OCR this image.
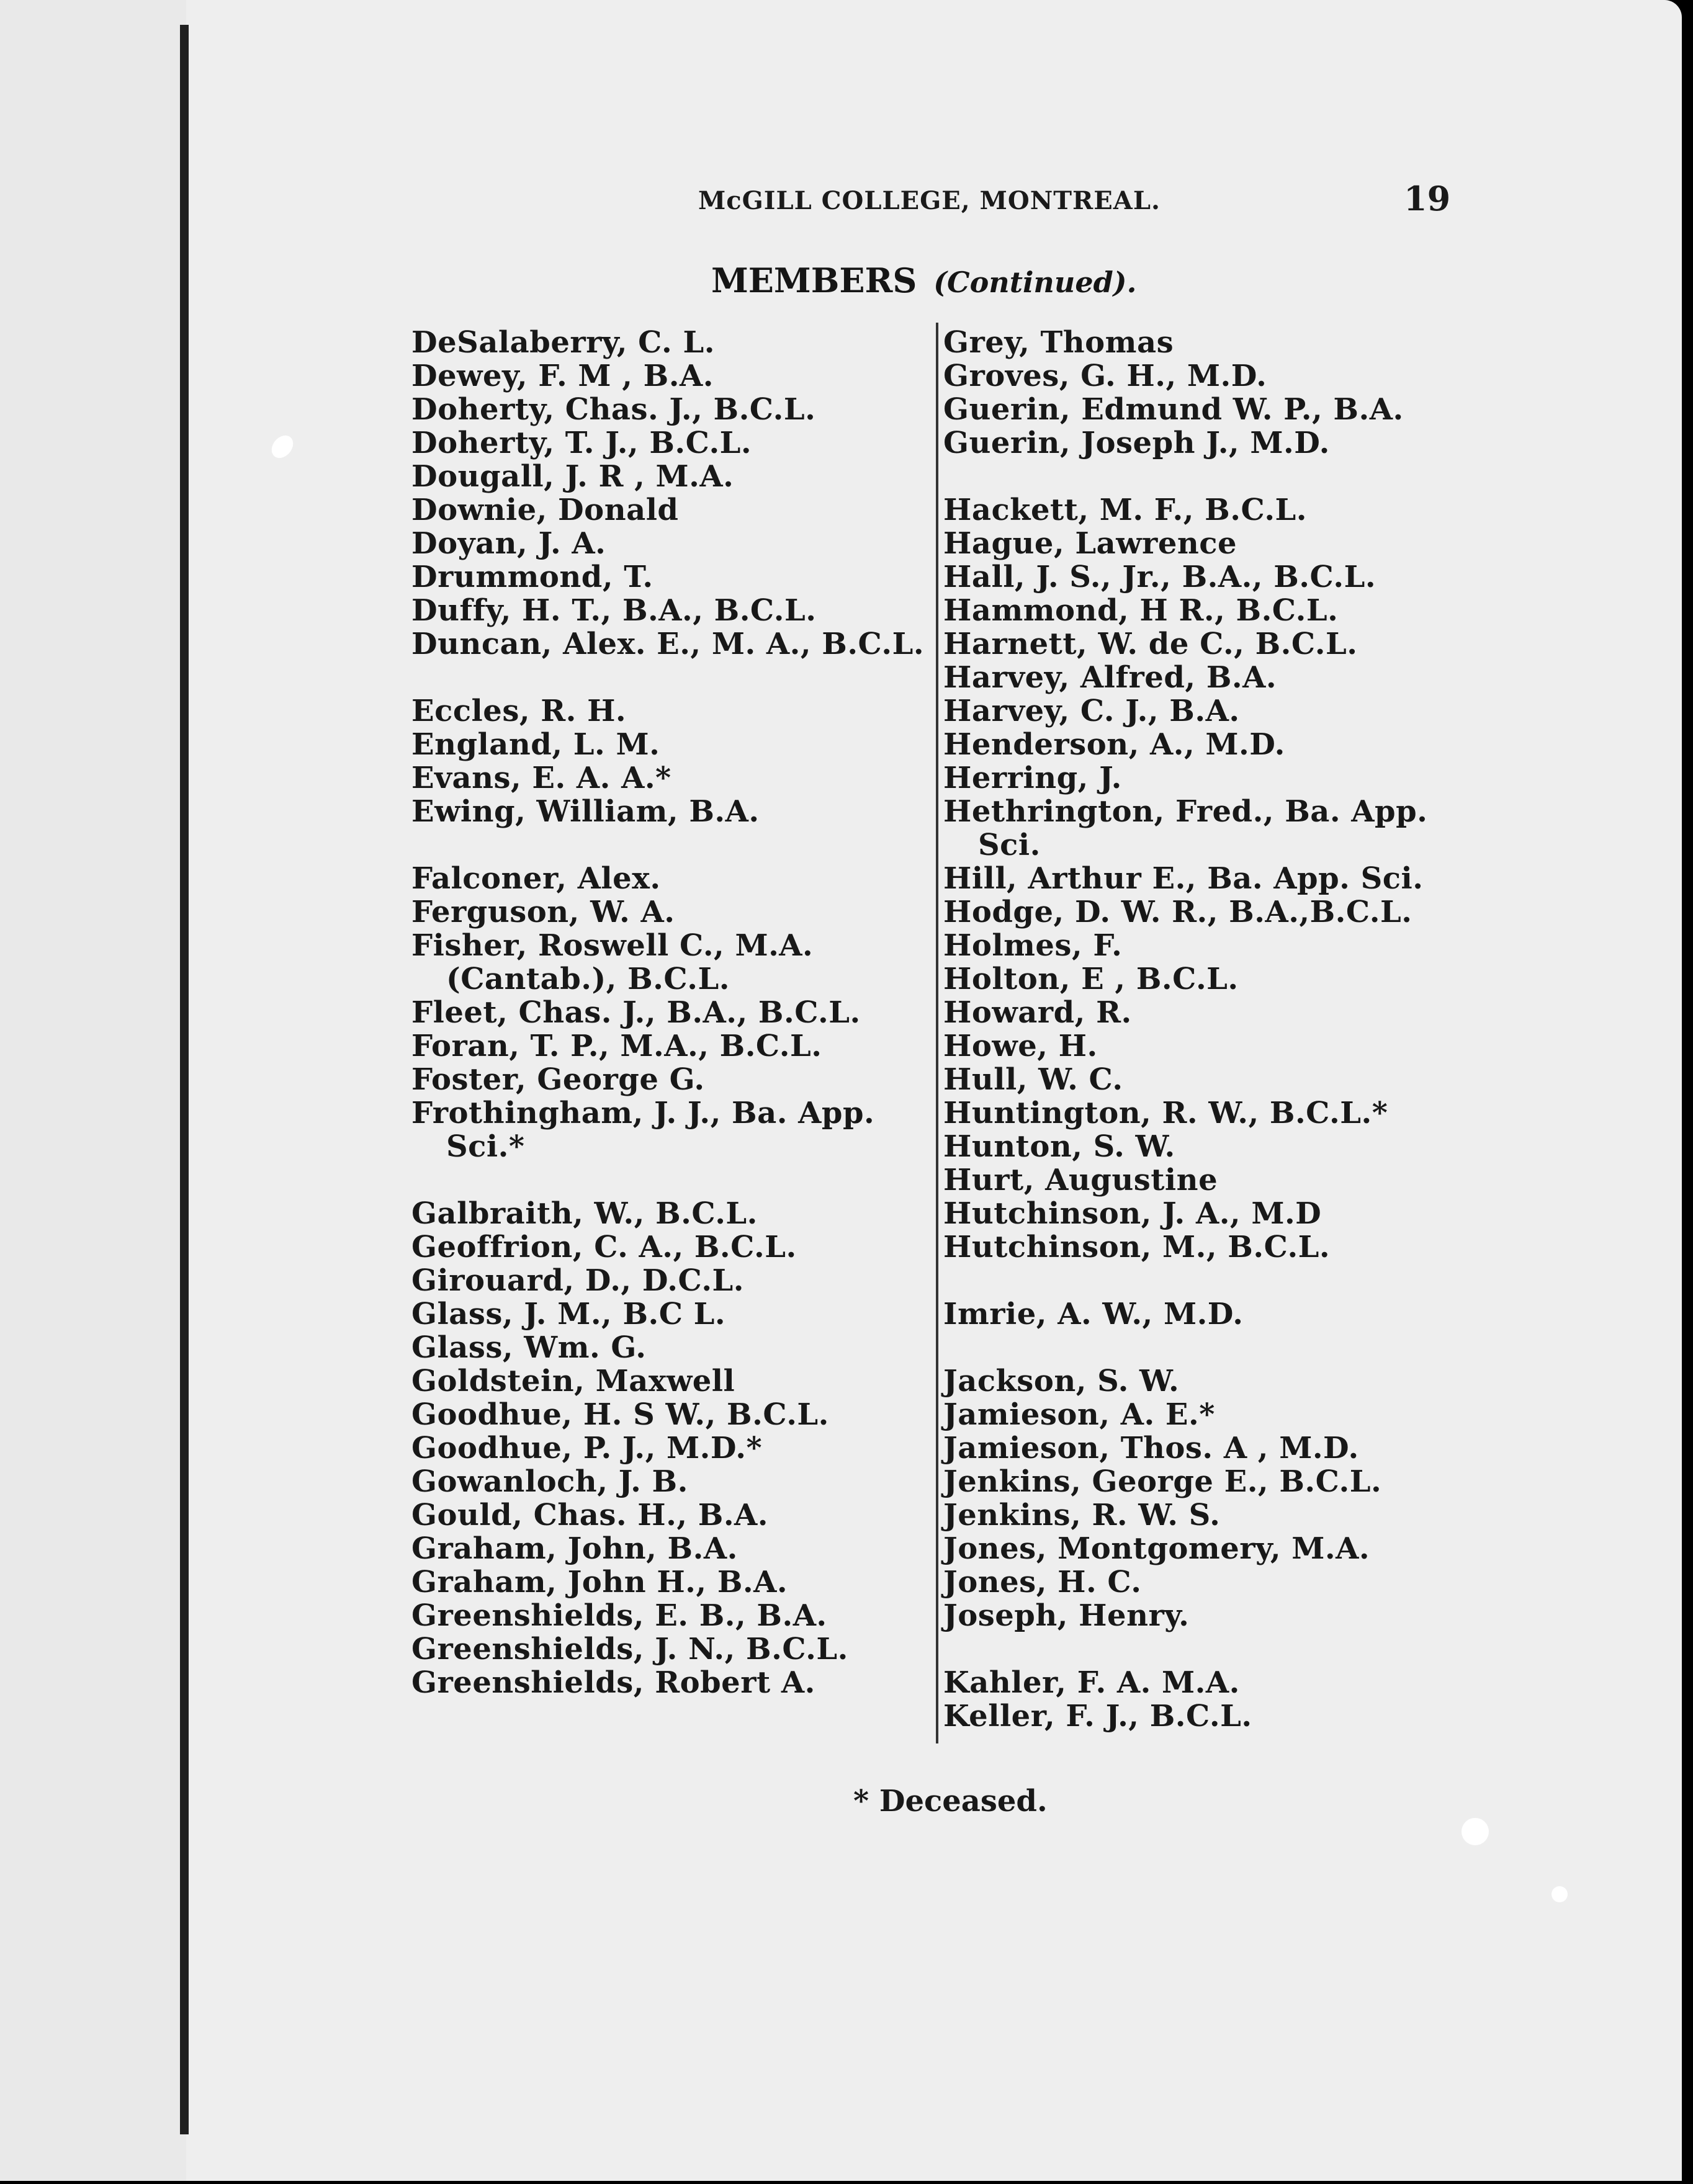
McGILL COLLEGE, MONTREAL.	19
MEMBERS (Continued).
DeSalaberry, C. L.
Dewey, F. M , B.A.
Doherty, Chas. J., B.C.L.
Doherty, T. J., B.C.L.
Dougall, J. R , M.A.
Downie, Donald
Doyan, J. A.
Drummond, T.
Duffy, H. T., B.A., B.C.L.
Duncan, Alex. E., M. A., B.C.L.
Eccles, R. H.
England, L. M.
Evans, E. A. A.*
Ewing, William, B.A.
Falconer, Alex.
Ferguson, W. A.
Fisher, Roswell C., M.A. (Cantab.), B.C.L.
Fleet, Chas. J., B.A., B.C.L.
Foran, T. P., M.A., B.C.L.
Foster, George G.
Frothingham, J. J., Ba. App. Sci.*
Galbraith, W., B.C.L.
Geoffrion, C. A., B.C.L.
Girouard, D., D.C.L.
Glass, J. M., B.C L.
Glass, Wm. G.
Goldstein, Maxwell
Goodhue, H. S W., B.C.L.
Goodhue, P. J., M.D.*
Gowanloch, J. B.
Gould, Chas. H., B.A.
Graham, John, B.A.
Graham, John H., B.A.
Greenshields, E. B., B.A.
Greenshields, J. N., B.C.L.
Greenshields, Robert A.
Grey, Thomas
Groves, G. H., M.D.
Guerin, Edmund W. P., B.A.
Guerin, Joseph J., M.D.
Hackett, M. F., B.C.L.
Hague, Lawrence
Hall, J. S., Jr., B.A., B.C.L.
Hammond, H R., B.C.L.
Harnett, W. de C., B.C.L.
Harvey, Alfred, B.A.
Harvey, C. J., B.A.
Henderson, A., M.D.
Herring, J.
Hethrington, Fred., Ba. App. Sci.
Hill, Arthur E., Ba. App. Sci.
Hodge, D. W. R., B.A.,B.C.L.
Holmes, F.
Holton, E , B.C.L.
Howard, R.
Howe, H.
Hull, W. C.
Huntington, R. W., B.C.L.*
Hunton, S. W.
Hurt, Augustine
Hutchinson, J. A., M.D
Hutchinson, M., B.C.L.
Imrie, A. W., M.D.
Jackson, S. W.
Jamieson, A. E.*
Jamieson, Thos. A , M.D.
Jenkins, George E., B.C.L.
Jenkins, R. W. S.
Jones, Montgomery, M.A.
Jones, H. C.
Joseph, Henry.
Kahler, F. A. M.A.
Keller, F. J., B.C.L.
* Deceased.
